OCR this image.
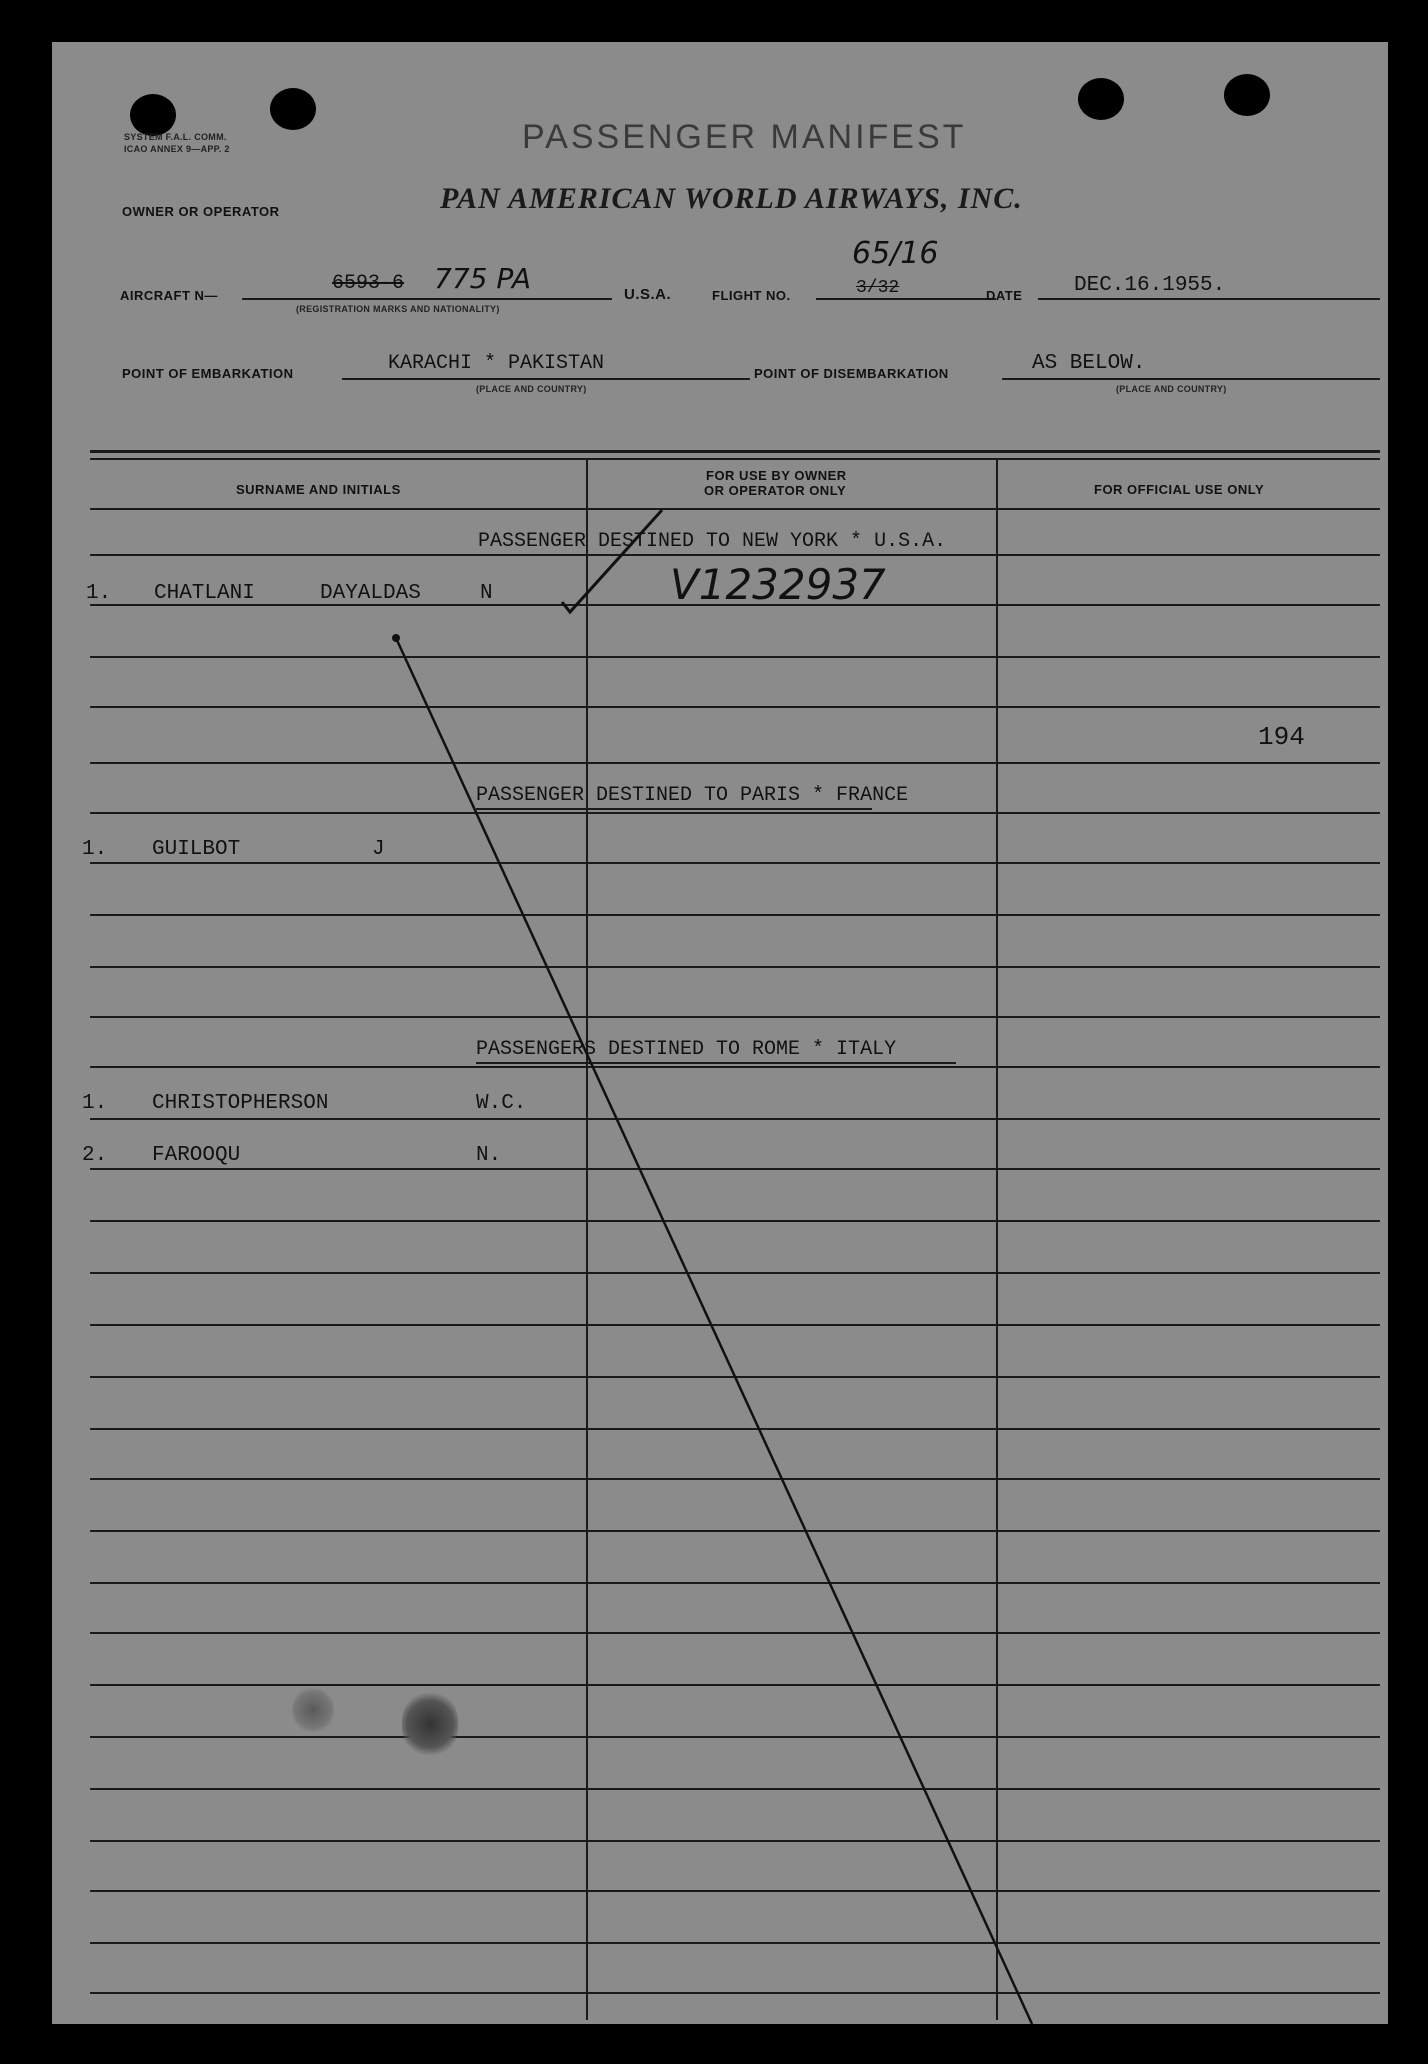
SYSTEM F.A.L. COMM.
ICAO ANNEX 9—APP. 2	PASSENGER MANIFEST
OWNER OR OPERATOR	PAN AMERICAN WORLD AIRWAYS, INC.
AIRCRAFT N—
6593-6 775 PA
(REGISTRATION MARKS AND NATIONALITY)
U.S.A.	FLIGHT NO.	3/32
65/16
DATE DEC.16.1955.
POINT OF EMBARKATION	KARACHI * PAKISTAN
(PLACE AND COUNTRY)
POINT OF DISEMBARKATION	AS BELOW.
(PLACE AND COUNTRY)
SURNAME AND INITIALS
FOR USE BY OWNER
OR OPERATOR ONLY	FOR OFFICIAL USE ONLY
PASSENGER DESTINED TO NEW YORK * U.S.A.
1. CHATLANI	DAYALDAS	N	V1232937
194
PASSENGER DESTINED TO PARIS * FRANCE
1. GUILBOT	J
PASSENGERS DESTINED TO ROME * ITALY
1. CHRISTOPHERSON	W.C.
2. FAROOQU	N.
